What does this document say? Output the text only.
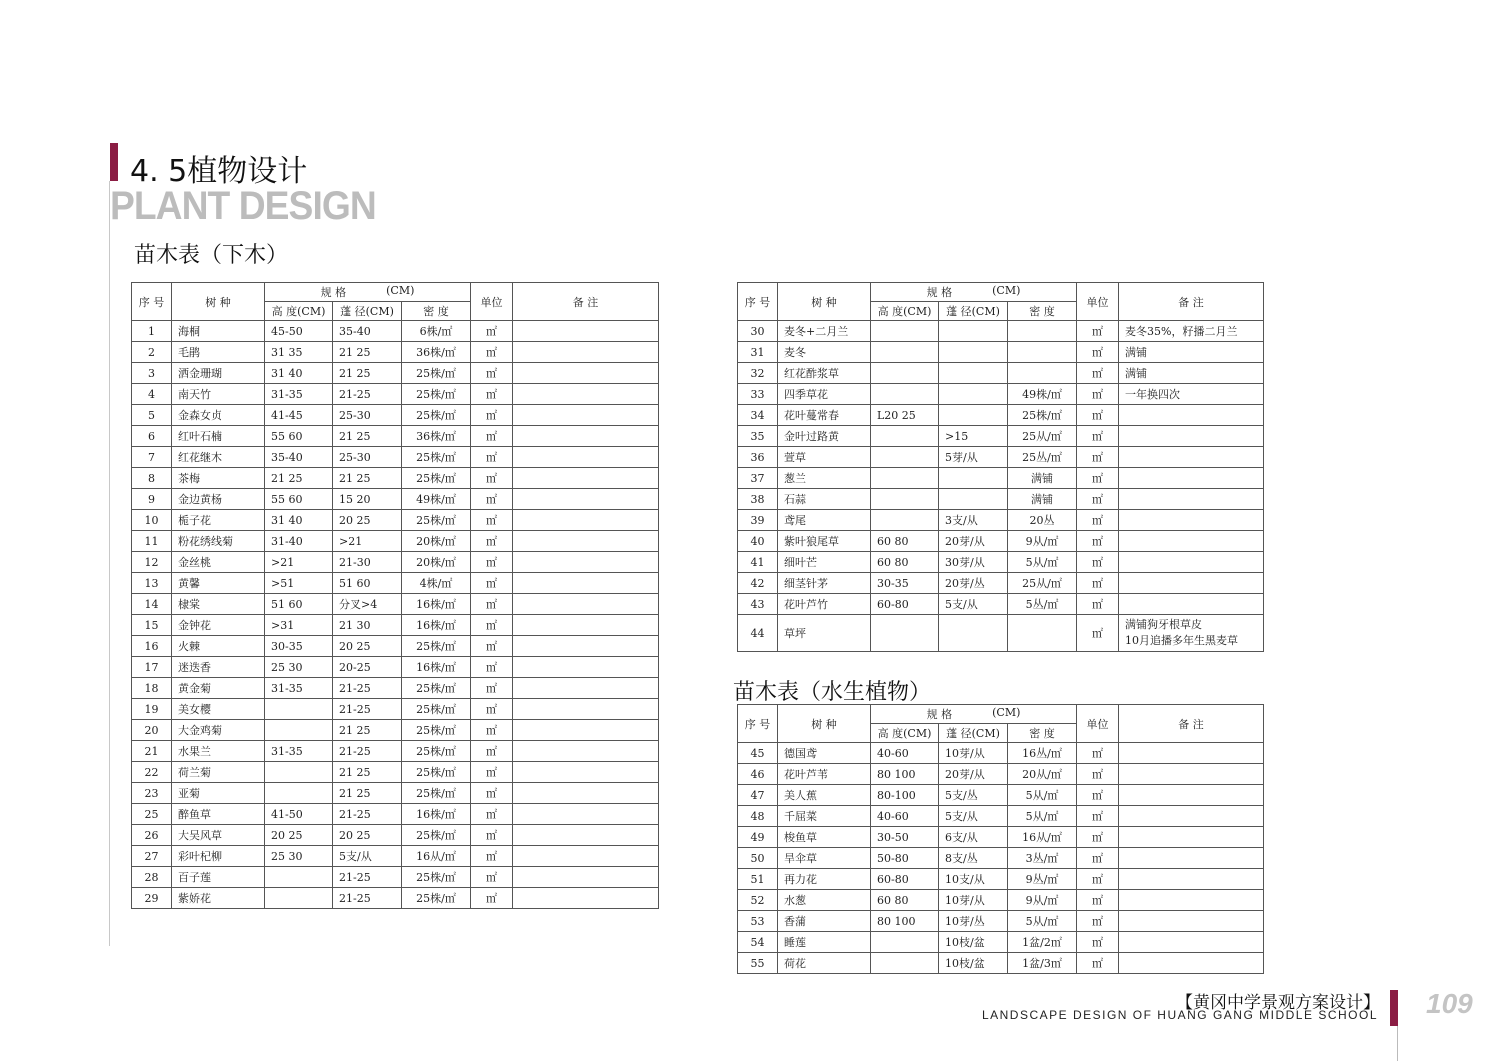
4. 5植物设计
PLANT DESIGN
苗木表（下木）
苗木表（水生植物）
序 号	树 种	规 格 (CM)			单位	备 注
		高 度(CM)	蓬 径(CM)	密 度		
1	海桐	45-50	35-40	6株/㎡	㎡	
2	毛鹃	31 35	21 25	36株/㎡	㎡	
3	洒金珊瑚	31 40	21 25	25株/㎡	㎡	
4	南天竹	31-35	21-25	25株/㎡	㎡	
5	金森女贞	41-45	25-30	25株/㎡	㎡	
6	红叶石楠	55 60	21 25	36株/㎡	㎡	
7	红花继木	35-40	25-30	25株/㎡	㎡	
8	茶梅	21 25	21 25	25株/㎡	㎡	
9	金边黄杨	55 60	15 20	49株/㎡	㎡	
10	栀子花	31 40	20 25	25株/㎡	㎡	
11	粉花绣线菊	31-40	>21	20株/㎡	㎡	
12	金丝桃	>21	21-30	20株/㎡	㎡	
13	黄馨	>51	51 60	4株/㎡	㎡	
14	棣棠	51 60	分叉>4	16株/㎡	㎡	
15	金钟花	>31	21 30	16株/㎡	㎡	
16	火棘	30-35	20 25	25株/㎡	㎡	
17	迷迭香	25 30	20-25	16株/㎡	㎡	
18	黄金菊	31-35	21-25	25株/㎡	㎡	
19	美女樱		21-25	25株/㎡	㎡	
20	大金鸡菊		21 25	25株/㎡	㎡	
21	水果兰	31-35	21-25	25株/㎡	㎡	
22	荷兰菊		21 25	25株/㎡	㎡	
23	亚菊		21 25	25株/㎡	㎡	
25	醉鱼草	41-50	21-25	16株/㎡	㎡	
26	大吴风草	20 25	20 25	25株/㎡	㎡	
27	彩叶杞柳	25 30	5支/从	16从/㎡	㎡	
28	百子莲		21-25	25株/㎡	㎡	
29	紫娇花		21-25	25株/㎡	㎡	
序 号	树 种	规 格 (CM)			单位	备 注
		高 度(CM)	蓬 径(CM)	密 度		
30	麦冬+二月兰				㎡	麦冬35%，籽播二月兰
31	麦冬				㎡	满铺
32	红花酢浆草				㎡	满铺
33	四季草花			49株/㎡	㎡	一年换四次
34	花叶蔓常春	L20 25		25株/㎡	㎡	
35	金叶过路黄		>15	25从/㎡	㎡	
36	萱草		5芽/从	25丛/㎡	㎡	
37	葱兰			满铺	㎡	
38	石蒜			满铺	㎡	
39	鸢尾		3支/从	20丛	㎡	
40	紫叶狼尾草	60 80	20芽/从	9从/㎡	㎡	
41	细叶芒	60 80	30芽/从	5从/㎡	㎡	
42	细茎针茅	30-35	20芽/丛	25从/㎡	㎡	
43	花叶芦竹	60-80	5支/从	5丛/㎡	㎡	
44	草坪				㎡	满铺狗牙根草皮
10月追播多年生黑麦草
序 号	树 种	规 格 (CM)			单位	备 注
		高 度(CM)	蓬 径(CM)	密 度		
45	德国鸢	40-60	10芽/从	16丛/㎡	㎡	
46	花叶芦苇	80 100	20芽/从	20从/㎡	㎡	
47	美人蕉	80-100	5支/丛	5从/㎡	㎡	
48	千屈菜	40-60	5支/从	5从/㎡	㎡	
49	梭鱼草	30-50	6支/从	16从/㎡	㎡	
50	旱伞草	50-80	8支/丛	3丛/㎡	㎡	
51	再力花	60-80	10支/从	9丛/㎡	㎡	
52	水葱	60 80	10芽/从	9从/㎡	㎡	
53	香蒲	80 100	10芽/丛	5从/㎡	㎡	
54	睡莲		10枝/盆	1盆/2㎡	㎡	
55	荷花		10枝/盆	1盆/3㎡	㎡	
【黄冈中学景观方案设计】
LANDSCAPE DESIGN OF HUANG GANG MIDDLE SCHOOL 109
